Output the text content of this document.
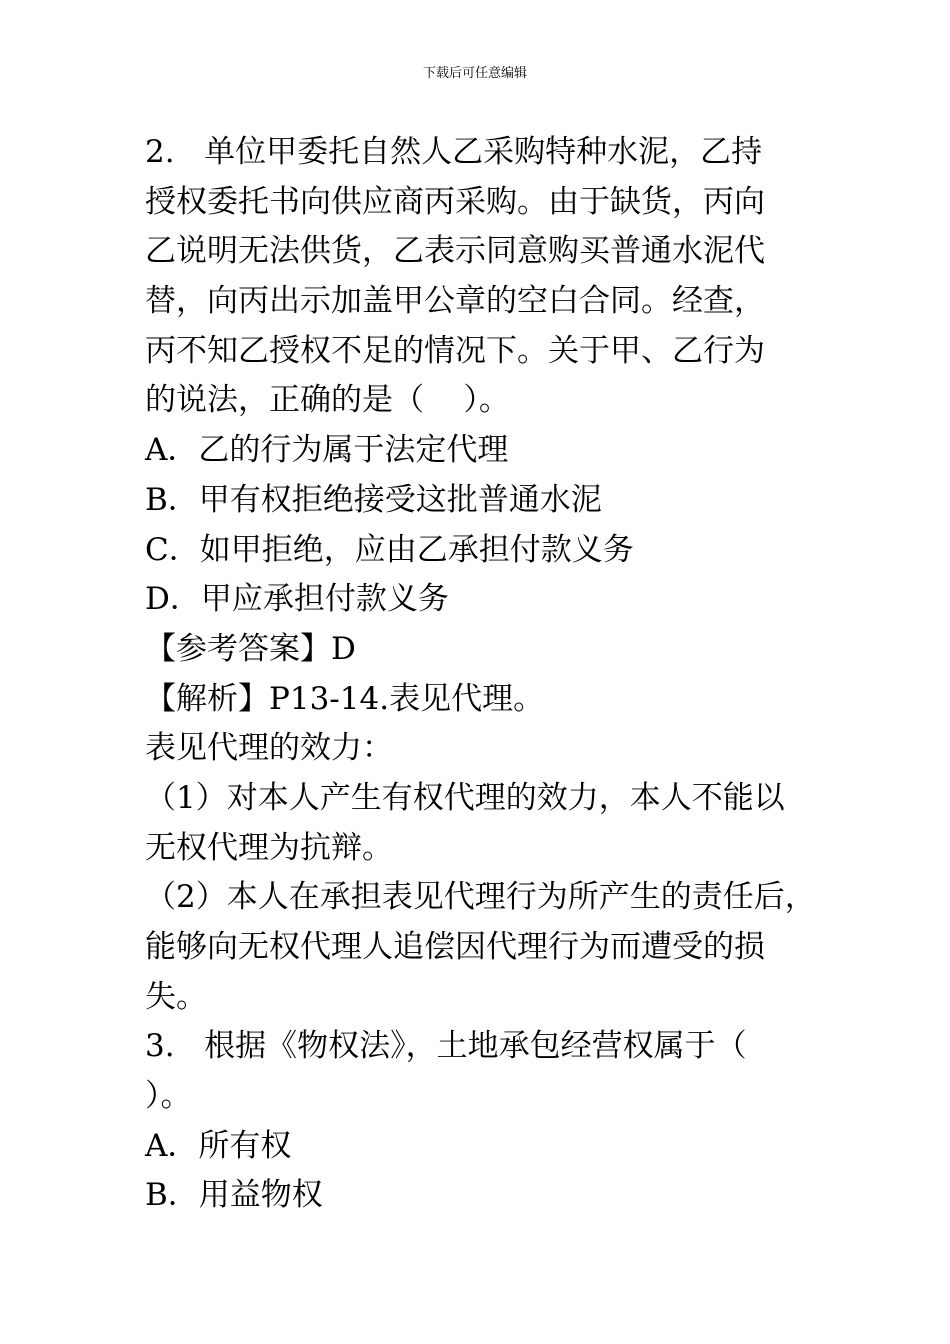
下载后可任意编辑
2.   单位甲委托自然人乙采购特种水泥，乙持
授权委托书向供应商丙采购。由于缺货，丙向
乙说明无法供货，乙表示同意购买普通水泥代
替，向丙出示加盖甲公章的空白合同。经查，
丙不知乙授权不足的情况下。关于甲、乙行为
的说法，正确的是（    ）。
A．乙的行为属于法定代理
B．甲有权拒绝接受这批普通水泥
C．如甲拒绝，应由乙承担付款义务
D．甲应承担付款义务
【参考答案】D
【解析】P13-14.表见代理。
表见代理的效力：
（1）对本人产生有权代理的效力，本人不能以
无权代理为抗辩。
（2）本人在承担表见代理行为所产生的责任后，
能够向无权代理人追偿因代理行为而遭受的损
失。
3.   根据《物权法》，土地承包经营权属于（
）。
A．所有权
B．用益物权
